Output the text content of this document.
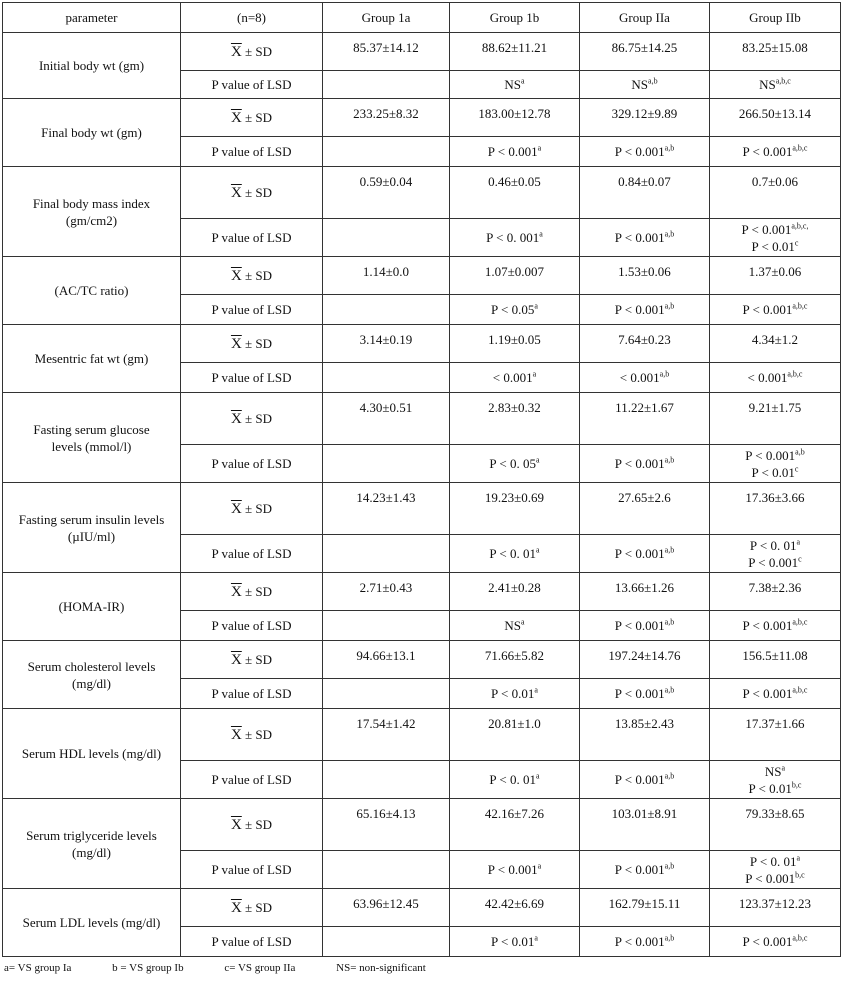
parameter	(n=8)	Group 1a	Group 1b	Group IIa	Group IIb

Initial body wt (gm)	$\overline{X}$ ± SD	85.37±14.12	88.62±11.21	86.75±14.25	83.25±15.08
	P value of LSD		$NS^a$	NS$^{a,b}$	NS$^{a,b,c}$

Final body wt (gm)	$\overline{X}$ ± SD	233.25±8.32	183.00±12.78	329.12±9.89	266.50±13.14
	P value of LSD		P < 0.001$^a$	$P < 0.001^{a,b}$	$P < 0.001^{a,b,c}$

Final body mass index
(gm/cm2)	$\overline{X}$ ± SD	0.59±0.04	0.46±0.05	0.84±0.07	0.7±0.06
	P value of LSD		P < 0. 001$^a$	$P < 0.001^{a,b}$	$P < 0.001^{a,b,c,}$
P < 0.01$^c$

(AC/TC ratio)	$\overline{X}$ ± SD	1.14±0.0	1.07±0.007	1.53±0.06	1.37±0.06
	P value of LSD		P < 0.05$^a$	$P < 0.001^{a,b}$	$P < 0.001^{a,b,c}$

Mesentric fat wt (gm)	$\overline{X}$ ± SD	3.14±0.19	1.19±0.05	7.64±0.23	4.34±1.2
	P value of LSD		< 0.001$^a$	< $0.001^{a,b}$	< $0.001^{a,b,c}$

Fasting serum glucose
levels (mmol/l)	$\overline{X}$ ± SD	4.30±0.51	2.83±0.32	11.22±1.67	9.21±1.75
	P value of LSD		P < 0. 05$^a$	$P < 0.001^{a,b}$	$P < 0.001^{a,b}$
P < 0.01$^c$

Fasting serum insulin levels
(µIU/ml)	$\overline{X}$ ± SD	14.23±1.43	19.23±0.69	27.65±2.6	17.36±3.66
	P value of LSD		P < 0. 01$^a$	$P < 0.001^{a,b}$	P < 0. 01$^a$
P < 0.001$^c$

(HOMA-IR)	$\overline{X}$ ± SD	2.71±0.43	2.41±0.28	13.66±1.26	7.38±2.36
	P value of LSD		$NS^a$	$P < 0.001^{a,b}$	$P < 0.001^{a,b,c}$

Serum cholesterol levels
(mg/dl)	$\overline{X}$ ± SD	94.66±13.1	71.66±5.82	197.24±14.76	156.5±11.08
	P value of LSD		P < 0.01$^a$	$P < 0.001^{a,b}$	$P < 0.001^{a,b,c}$

Serum HDL levels (mg/dl)	$\overline{X}$ ± SD	17.54±1.42	20.81±1.0	13.85±2.43	17.37±1.66
	P value of LSD		P < 0. 01$^a$	$P < 0.001^{a,b}$	$NS^a$
$P < 0.01^{b,c}$

Serum triglyceride levels
(mg/dl)	$\overline{X}$ ± SD	65.16±4.13	42.16±7.26	103.01±8.91	79.33±8.65
	P value of LSD		P < 0.001$^a$	$P < 0.001^{a,b}$	P < 0. 01$^a$
$P < 0.001^{b,c}$

Serum LDL levels (mg/dl)	$\overline{X}$ ± SD	63.96±12.45	42.42±6.69	162.79±15.11	123.37±12.23
	P value of LSD		P < 0.01$^a$	$P < 0.001^{a,b}$	$P < 0.001^{a,b,c}$
a= VS group Ia	b = VS group Ib	c= VS group IIa	NS= non-significant
